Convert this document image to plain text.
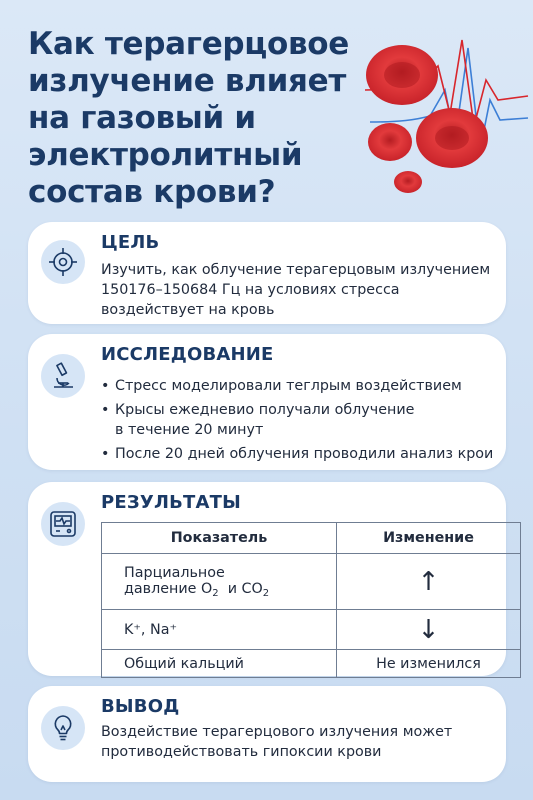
Как терагерцовое
излучение влияет
на газовый и
электролитный
состав крови?
ЦЕЛЬ

Изучить, как облучение терагерцовым излучением
150176–150684 Гц на условиях стресса
воздействует на кровь

ИССЛЕДОВАНИЕ
• Стресс моделировали теглрым воздействием
• Крысы ежедневио получали облучение
в течение 20 минут
• После 20 дней облучения проводили анализ крои
РЕЗУЛЬТАТЫ
Показатель	Изменение
Парциальное
давление $O_2$  и $CO_2$	↑
K⁺, Na⁺	↓
Общий кальций	Не изменился
ВЫВОД

Воздействие терагерцового излучения может
противодействовать гипоксии крови
